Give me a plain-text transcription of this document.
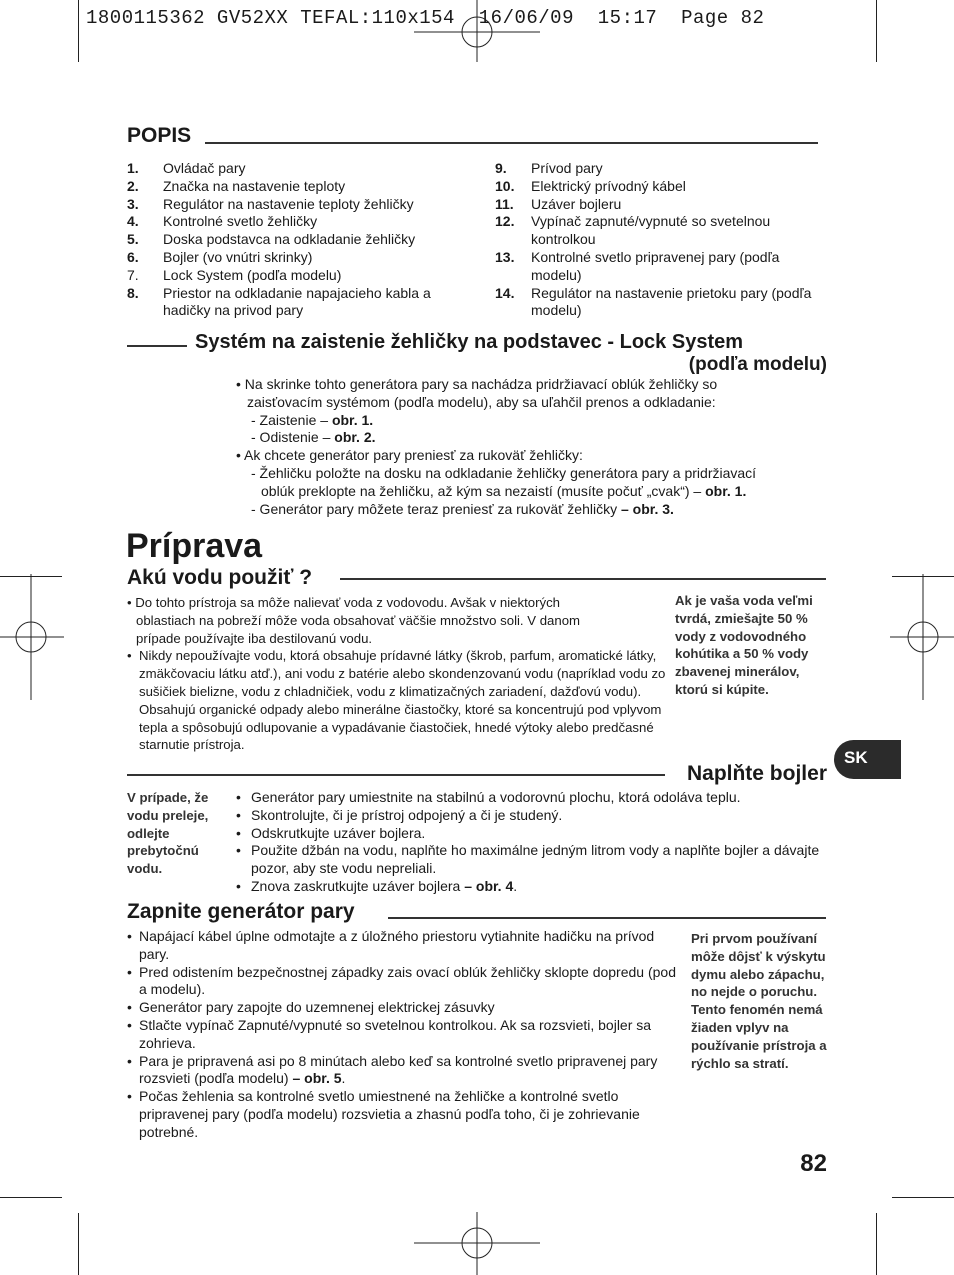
1800115362 GV52XX TEFAL:110x154  16/06/09  15:17  Page 82
POPIS
1.	Ovládač pary
2.	Značka na nastavenie teploty
3.	Regulátor na nastavenie teploty žehličky
4.	Kontrolné svetlo žehličky
5.	Doska podstavca na odkladanie žehličky
6.	Bojler (vo vnútri skrinky)
7.	Lock System (podľa modelu)
8.	Priestor na odkladanie napajacieho kabla a hadičky na privod pary
9.	Prívod pary
10.	Elektrický prívodný kábel
11.	Uzáver bojleru
12.	Vypínač zapnuté/vypnuté so svetelnou kontrolkou
13.	Kontrolné svetlo pripravenej pary (podľa modelu)
14.	Regulátor na nastavenie prietoku pary (podľa modelu)
Systém na zaistenie žehličky na podstavec - Lock System
(podľa modelu)
• Na skrinke tohto generátora pary sa nachádza pridržiavací oblúk žehličky so
zaisťovacím systémom (podľa modelu), aby sa uľahčil prenos a odkladanie:
- Zaistenie – obr. 1.
- Odistenie – obr. 2.
• Ak chcete generátor pary preniesť za rukoväť žehličky:
- Žehličku položte na dosku na odkladanie žehličky generátora pary a pridržiavací
oblúk preklopte na žehličku, až kým sa nezaistí (musíte počuť „cvak“) – obr. 1.
- Generátor pary môžete teraz preniesť za rukoväť žehličky – obr. 3.
Príprava
Akú vodu použiť ?
• Do tohto prístroja sa môže nalievať voda z vodovodu. Avšak v niektorých
oblastiach na pobreží môže voda obsahovať väčšie množstvo soli. V danom
prípade používajte iba destilovanú vodu.
• Nikdy nepoužívajte vodu, ktorá obsahuje prídavné látky (škrob, parfum, aromatické látky, zmäkčovaciu látku atď.), ani vodu z batérie alebo skondenzovanú vodu (napríklad vodu zo sušičiek bielizne, vodu z chladničiek, vodu z klimatizačných zariadení, dažďovú vodu). Obsahujú organické odpady alebo minerálne čiastočky, ktoré sa koncentrujú pod vplyvom tepla a spôsobujú odlupovanie a vypadávanie čiastočiek, hnedé výtoky alebo predčasné starnutie prístroja.
Ak je vaša voda veľmi tvrdá, zmiešajte 50 % vody z vodovodného kohútika a 50 % vody zbavenej minerálov, ktorú si kúpite.
SK
Naplňte bojler
V prípade, že vodu preleje, odlejte prebytočnú vodu.
• Generátor pary umiestnite na stabilnú a vodorovnú plochu, ktorá odoláva teplu.
• Skontrolujte, či je prístroj odpojený a či je studený.
• Odskrutkujte uzáver bojlera.
• Použite džbán na vodu, naplňte ho maximálne jedným litrom vody a naplňte bojler a dávajte pozor, aby ste vodu nepreliali.
• Znova zaskrutkujte uzáver bojlera – obr. 4.
Zapnite generátor pary
• Napájací kábel úplne odmotajte a z úložného priestoru vytiahnite hadičku na prívod pary.
• Pred odistením bezpečnostnej západky zais ovací oblúk žehličky sklopte dopredu (pod a modelu).
• Generátor pary zapojte do uzemnenej elektrickej zásuvky
• Stlačte vypínač Zapnuté/vypnuté so svetelnou kontrolkou. Ak sa rozsvieti, bojler sa zohrieva.
• Para je pripravená asi po 8 minútach alebo keď sa kontrolné svetlo pripravenej pary rozsvieti (podľa modelu) – obr. 5.
• Počas žehlenia sa kontrolné svetlo umiestnené na žehličke a kontrolné svetlo pripravenej pary (podľa modelu) rozsvietia a zhasnú podľa toho, či je zohrievanie potrebné.
Pri prvom používaní môže dôjsť k výskytu dymu alebo zápachu, no nejde o poruchu. Tento fenomén nemá žiaden vplyv na používanie prístroja a rýchlo sa stratí.
82
